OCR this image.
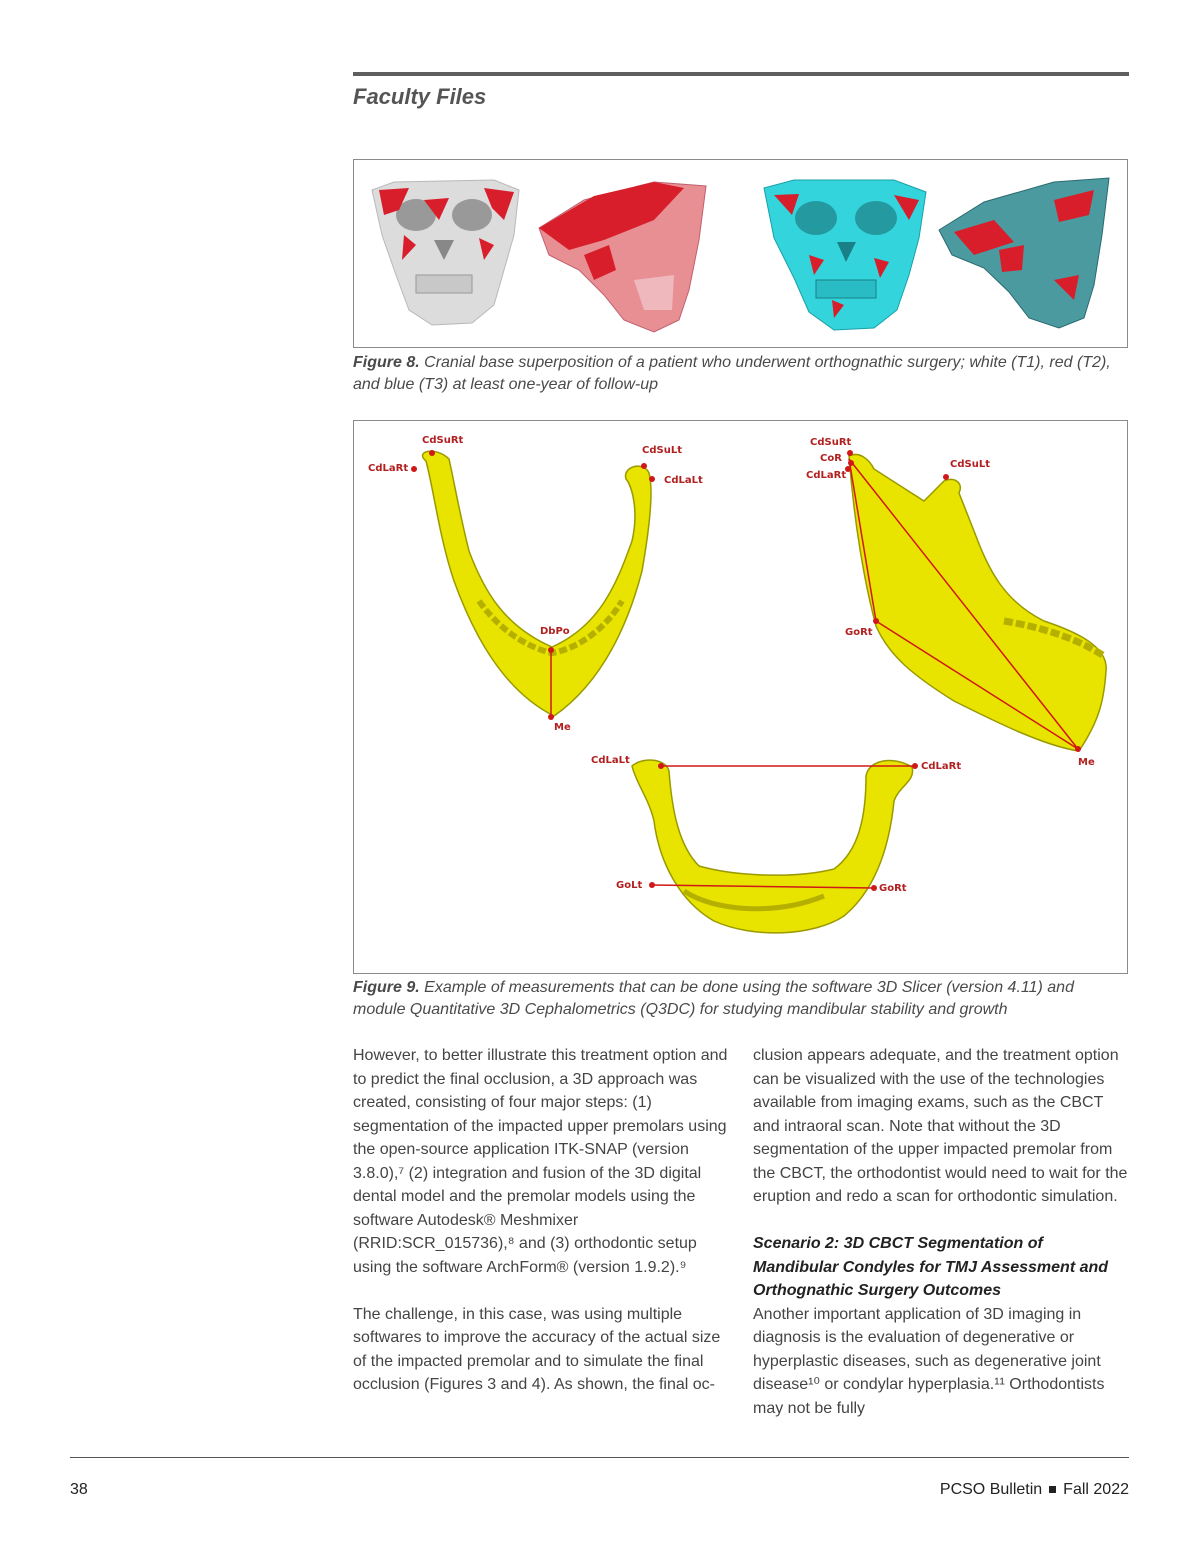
Faculty Files

Figure 8. Cranial base superposition of a patient who underwent orthognathic surgery; white (T1), red (T2), and blue (T3) at least one-year of follow-up

CdSuRt
CdSuLt
CdLaRt
CdLaLt
DbPo
Me
CdSuRt
CoR
CdLaRt
CdSuLt
GoRt
Me
CdLaLt
CdLaRt
GoLt	GoRt

Figure 9. Example of measurements that can be done using the software 3D Slicer (version 4.11) and module Quantitative 3D Cephalometrics (Q3DC) for studying mandibular stability and growth

However, to better illustrate this treatment option and to predict the final occlusion, a 3D approach was created, consisting of four major steps: (1) segmentation of the impacted upper premolars using the open-source application ITK-SNAP (version 3.8.0),⁷ (2) integration and fusion of the 3D digital dental model and the premolar models using the software Autodesk® Meshmixer (RRID:SCR_015736),⁸ and (3) orthodontic setup using the software ArchForm® (version 1.9.2).⁹

The challenge, in this case, was using multiple softwares to improve the accuracy of the actual size of the impacted premolar and to simulate the final occlusion (Figures 3 and 4). As shown, the final oc-

clusion appears adequate, and the treatment option can be visualized with the use of the technologies available from imaging exams, such as the CBCT and intraoral scan. Note that without the 3D segmentation of the upper impacted premolar from the CBCT, the orthodontist would need to wait for the eruption and redo a scan for orthodontic simulation.

Scenario 2: 3D CBCT Segmentation of Mandibular Condyles for TMJ Assessment and Orthognathic Surgery Outcomes

Another important application of 3D imaging in diagnosis is the evaluation of degenerative or hyperplastic diseases, such as degenerative joint disease¹⁰ or condylar hyperplasia.¹¹ Orthodontists may not be fully

38	PCSO Bulletin Fall 2022
